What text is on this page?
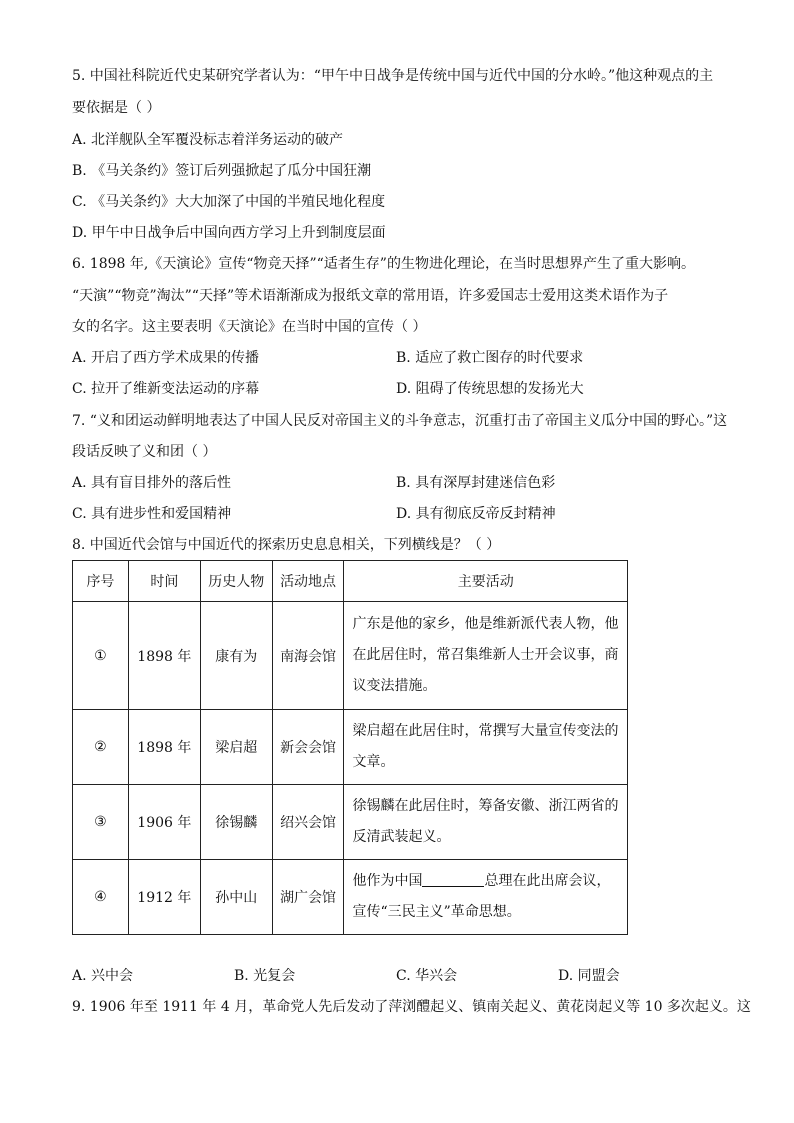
5. 中国社科院近代史某研究学者认为：“甲午中日战争是传统中国与近代中国的分水岭。”他这种观点的主
要依据是（ ）
A. 北洋舰队全军覆没标志着洋务运动的破产
B. 《马关条约》签订后列强掀起了瓜分中国狂潮
C. 《马关条约》大大加深了中国的半殖民地化程度
D. 甲午中日战争后中国向西方学习上升到制度层面
6. 1898 年,《天演论》宣传“物竞天择”“适者生存”的生物进化理论，在当时思想界产生了重大影响。
“天演”“物竞”淘汰”“天择”等术语渐渐成为报纸文章的常用语，许多爱国志士爱用这类术语作为子
女的名字。这主要表明《天演论》在当时中国的宣传（ ）
A. 开启了西方学术成果的传播	B. 适应了救亡图存的时代要求
C. 拉开了维新变法运动的序幕	D. 阻碍了传统思想的发扬光大
7. “义和团运动鲜明地表达了中国人民反对帝国主义的斗争意志，沉重打击了帝国主义瓜分中国的野心。”这
段话反映了义和团（ ）
A. 具有盲目排外的落后性	B. 具有深厚封建迷信色彩
C. 具有进步性和爱国精神	D. 具有彻底反帝反封精神
8. 中国近代会馆与中国近代的探索历史息息相关，下列横线是？（ ）
序号	时间	历史人物	活动地点	主要活动
①	1898 年	康有为	南海会馆	广东是他的家乡，他是维新派代表人物，他在此居住时，常召集维新人士开会议事，商议变法措施。
②	1898 年	梁启超	新会会馆	梁启超在此居住时，常撰写大量宣传变法的文章。
③	1906 年	徐锡麟	绍兴会馆	徐锡麟在此居住时，筹备安徽、浙江两省的反清武装起义。
④	1912 年	孙中山	湖广会馆	他作为中国 总理在此出席会议，宣传“三民主义”革命思想。
A. 兴中会	B. 光复会	C. 华兴会	D. 同盟会
9. 1906 年至 1911 年 4 月，革命党人先后发动了萍浏醴起义、镇南关起义、黄花岗起义等 10 多次起义。这
